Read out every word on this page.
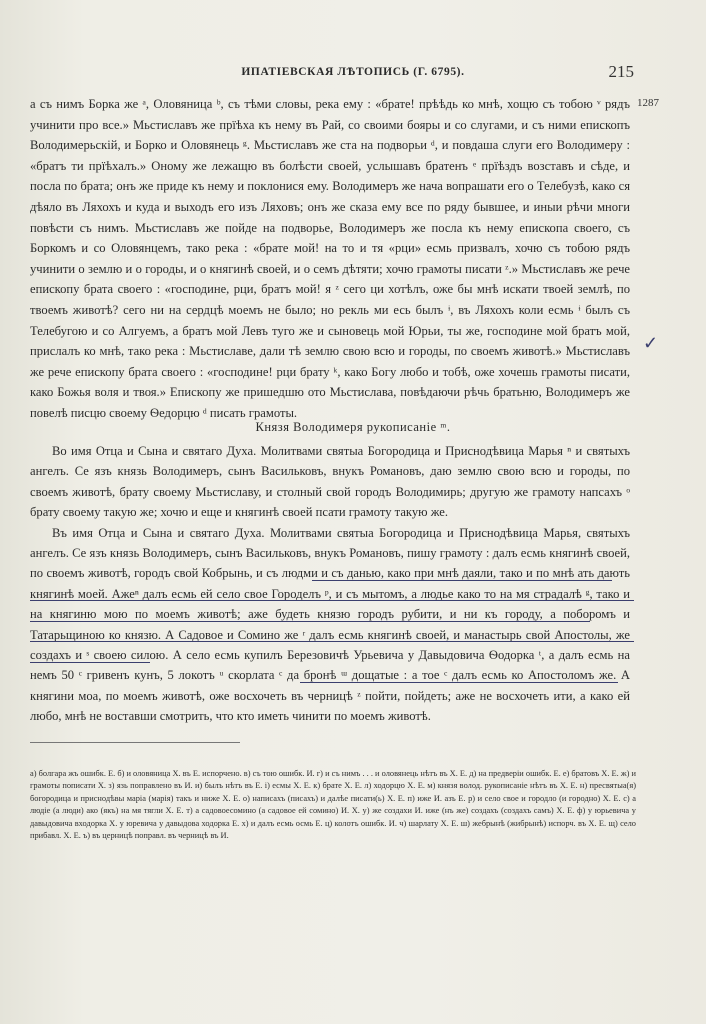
ИПАТІЕВСКАЯ ЛѢТОПИСЬ (Г. 6795).	215
1287
✓

а съ нимъ Борка же ᵃ, Оловяница ᵇ, съ тѣми словы, река ему : «брате! прѣѣдь ко мнѣ, хощю съ тобою ᵛ рядъ учинити про все.» Мьстиславъ же прїѣха къ нему въ Рай, со своими бояры и со слугами, и съ ними епископъ Володимерьскій, и Борко и Оловянець ᵍ. Мьстиславъ же ста на подворьи ᵈ, и повдаша слуги его Володимеру : «братъ ти прїѣхалъ.» Оному же лежащю въ болѣсти своей, услышавъ братенъ ᵉ прїѣздъ возставъ и сѣде, и посла по брата; онъ же приде къ нему и поклонися ему. Володимеръ же нача вопрашати его о Телебузѣ, како ся дѣяло въ Ляхохъ и куда и выходъ его изъ Ляховъ; онъ же сказа ему все по ряду бывшее, и иныи рѣчи многи повѣсти съ нимъ. Мьстиславъ же пойде на подворье, Володимеръ же посла къ нему епископа своего, съ Боркомъ и со Оловянцемъ, тако река : «брате мой! на то и тя «рци» есмь призвалъ, хочю съ тобою рядъ учинити о землю и о городы, и о княгинѣ своей, и о семъ дѣтяти; хочю грамоты писати ᶻ.» Мьстиславъ же рече епископу брата своего : «господине, рци, братъ мой! я ᶻ сего ци хотѣлъ, оже бы мнѣ искати твоей землѣ, по твоемъ животѣ? сего ни на сердцѣ моемъ не было; но рекль ми есь былъ ᶤ, въ Ляхохъ коли есмь ᶤ былъ съ Телебугою и со Алгуемъ, а братъ мой Левъ туго же и сыновець мой Юрьи, ты же, господине мой братъ мой, прислалъ ко мнѣ, тако река : Мьстиславе, дали тѣ землю свою всю и городы, по своемъ животѣ.» Мьстиславъ же рече епископу брата своего : «господине! рци брату ᵏ, како Богу любо и тобѣ, оже хочешь грамоты писати, како Божья воля и твоя.» Епископу же пришедшю ото Мьстислава, повѣдаючи рѣчь братьню, Володимеръ же повелѣ писцю своему Ѳедорцю ᵈ писать грамоты.

Князя Володимеря рукописаніе ᵐ.

Во имя Отца и Сына и святаго Духа. Молитвами святыа Богородица и Приснодѣвица Марья ⁿ и святыхъ ангелъ. Се язъ князь Володимеръ, сынъ Васильковъ, внукъ Романовъ, даю землю свою всю и городы, по своемъ животѣ, брату своему Мьстиславу, и столный свой городъ Володимирь; другую же грамоту напсахъ ᵒ брату своему такую же; хочю и еще и княгинѣ своей псати грамоту такую же.

Въ имя Отца и Сына и святаго Духа. Молитвами святыа Богородица и Приснодѣвица Марья, святыхъ ангелъ. Се язъ князь Володимеръ, сынъ Васильковъ, внукъ Романовъ, пишу грамоту : далъ есмь княгинѣ своей, по своемъ животѣ, городъ свой Кобрынь, и съ людми и съ данью, како при мнѣ даяли, тако и по мнѣ ать дають княгинѣ моей. Ажеⁿ далъ есмь ей село свое Городелъ ᵖ, и съ мытомъ, а людье како то на мя страдалѣ ᵍ, тако и на княгиню мою по моемъ животѣ; аже будеть князю городъ рубити, и ни къ городу, а поборомъ и Татарьщиною ко князю. А Садовое и Сомино же ʳ далъ есмь княгинѣ своей, и манастырь свой Апостолы, же создахъ и ˢ своею силою. А село есмь купилъ Березовичѣ Урьевича у Давыдовича Ѳодорка ᵗ, а далъ есмь на немъ 50 ᶜ гривенъ кунъ, 5 локотъ ᵘ скорлата ᶜ да бронѣ ᵚ дощатые : а тое ᶜ далъ есмь ко Апостоломъ же. А княгини моа, по моемъ животѣ, оже восхочеть въ черницѣ ᶻ пойти, пойдеть; аже не восхочеть ити, а како ей любо, мнѣ не воставши смотрить, что кто иметь чинити по моемъ животѣ.

а) болгара жъ ошибк. Е. б) и оловяница Х. въ Е. испорчено. в) съ тою ошибк. И. г) и съ нимъ . . . и оловянець нѣтъ въ Х. Е. д) на предверіи ошибк. Е. е) братовъ Х. Е. ж) и грамоты пописати Х. з) язь поправлено въ И. и) былъ нѣтъ въ Е. і) есмы Х. Е. к) брате Х. Е. л) ходорцю Х. Е. м) князя волод. рукописаніе нѣтъ въ Х. Е. н) пресвятыа(я) богородица и приснодѣвы маріа (марія) такъ и ниже Х. Е. о) написахъ (писахъ) и далѣе писати(ь) Х. Е. п) иже И. азъ Е. р) и село свое и городло (и городно) Х. Е. с) а людіе (а люди) ако (якъ) на мя тягли Х. Е. т) а садовоесомино (а садовое ей сомино) И. Х. у) же создахи И. иже (нъ же) создахъ (создахъ самъ) Х. Е. ф) у юрьевича у давыдовича входорка Х. у юревича у давыдова ходорка Е. х) и далъ есмь осмь Е. ц) колотъ ошибк. И. ч) шарлату Х. Е. ш) жебрынѣ (жибрынѣ) испорч. въ Х. Е. щ) село прибавл. Х. Е. ъ) въ церницѣ поправл. въ черницѣ въ И.
